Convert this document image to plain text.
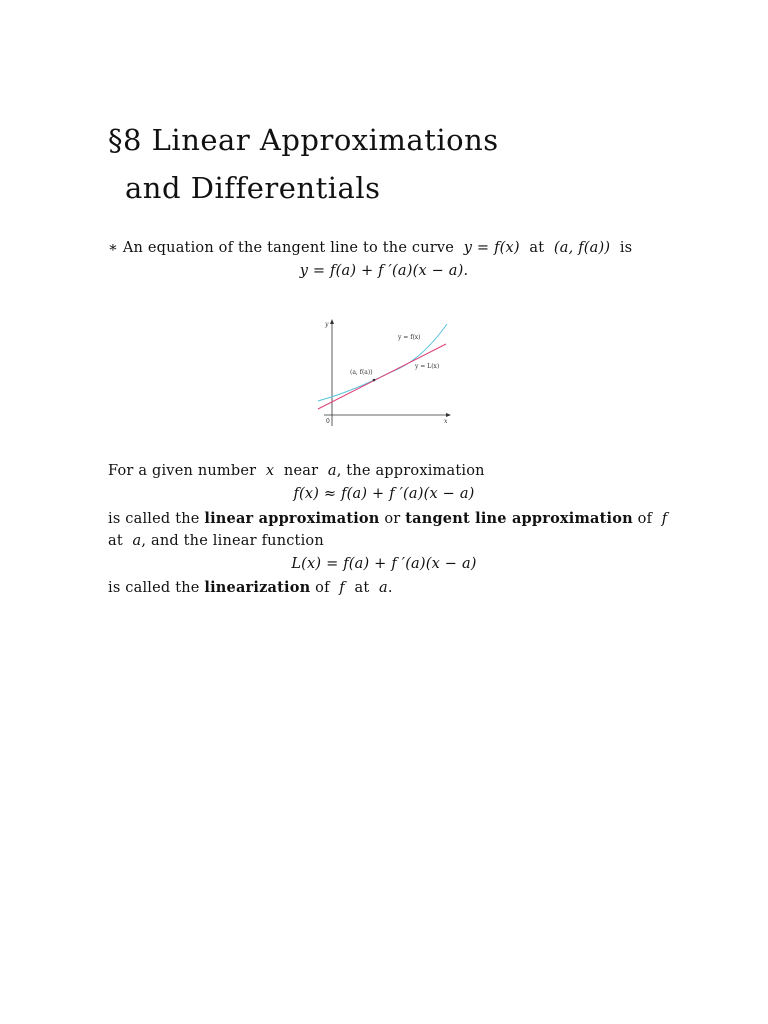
§8 Linear Approximations
and Differentials
∗ An equation of the tangent line to the curve y = f(x) at (a, f(a)) is
y = f(a) + f ′(a)(x − a).
y
x
0
y = f(x)
y = L(x)
(a, f(a))
For a given number x near a, the approximation
f(x) ≈ f(a) + f ′(a)(x − a)
is called the linear approximation or tangent line approximation of f
at a, and the linear function
L(x) = f(a) + f ′(a)(x − a)
is called the linearization of f at a.
